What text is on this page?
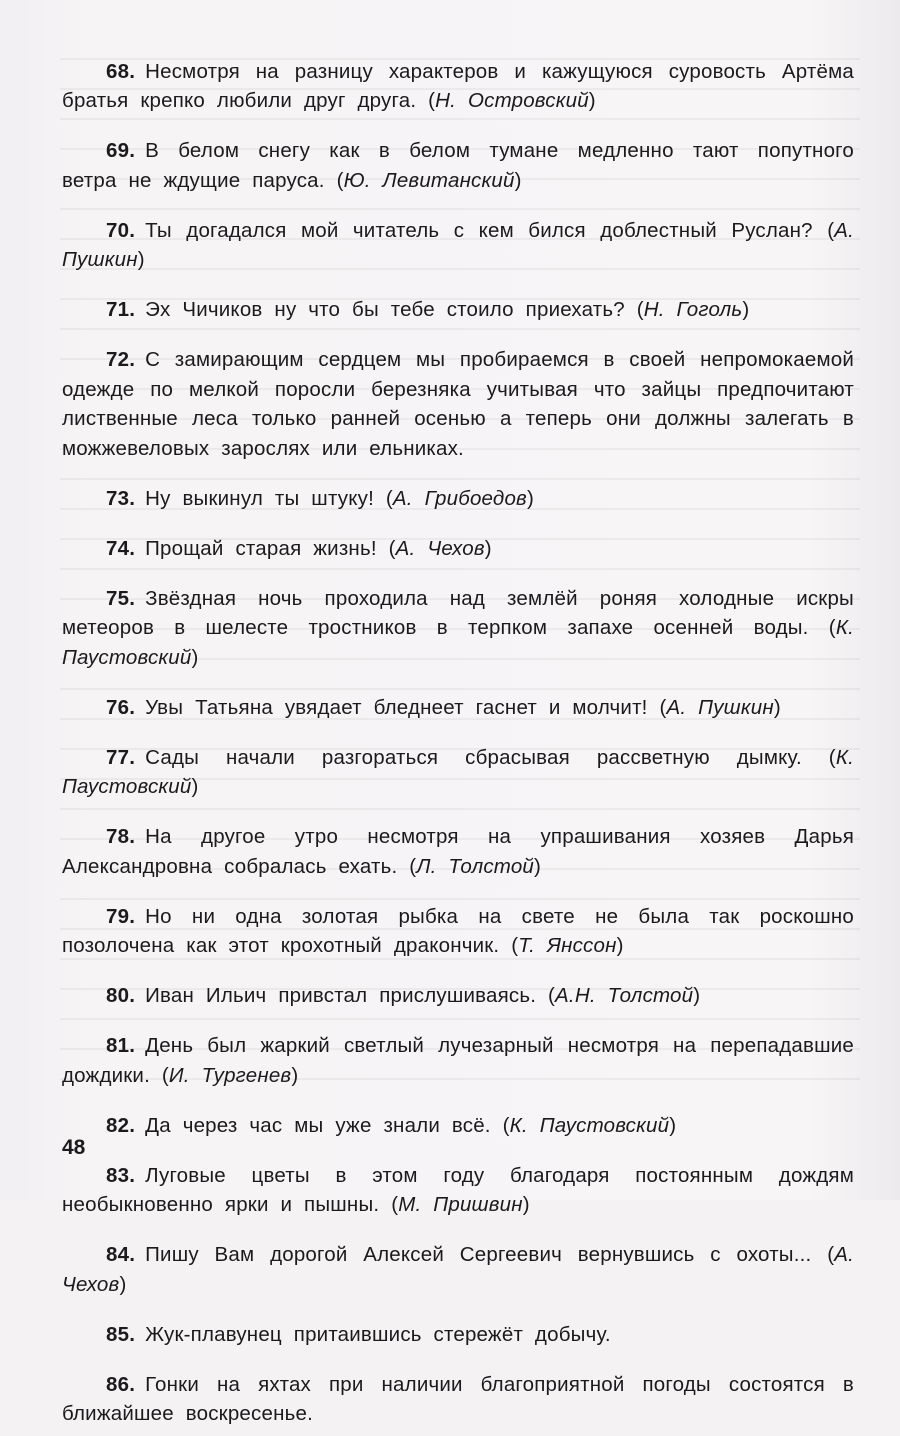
68. Несмотря на разницу характеров и кажущуюся суровость Артёма братья крепко любили друг друга. (Н. Островский)

69. В белом снегу как в белом тумане медленно тают попутного ветра не ждущие паруса. (Ю. Левитанский)

70. Ты догадался мой читатель с кем бился доблестный Руслан? (А. Пушкин)

71. Эх Чичиков ну что бы тебе стоило приехать? (Н. Гоголь)

72. С замирающим сердцем мы пробираемся в своей непромокаемой одежде по мелкой поросли березняка учитывая что зайцы предпочитают лиственные леса только ранней осенью а теперь они должны залегать в можжевеловых зарослях или ельниках.

73. Ну выкинул ты штуку! (А. Грибоедов)

74. Прощай старая жизнь! (А. Чехов)

75. Звёздная ночь проходила над землёй роняя холодные искры метеоров в шелесте тростников в терпком запахе осенней воды. (К. Паустовский)

76. Увы Татьяна увядает бледнеет гаснет и молчит! (А. Пушкин)

77. Сады начали разгораться сбрасывая рассветную дымку. (К. Паустовский)

78. На другое утро несмотря на упрашивания хозяев Дарья Александровна собралась ехать. (Л. Толстой)

79. Но ни одна золотая рыбка на свете не была так роскошно позолочена как этот крохотный дракончик. (Т. Янссон)

80. Иван Ильич привстал прислушиваясь. (А.Н. Толстой)

81. День был жаркий светлый лучезарный несмотря на перепадавшие дождики. (И. Тургенев)

82. Да через час мы уже знали всё. (К. Паустовский)

83. Луговые цветы в этом году благодаря постоянным дождям необыкновенно ярки и пышны. (М. Пришвин)

84. Пишу Вам дорогой Алексей Сергеевич вернувшись с охоты... (А. Чехов)

85. Жук-плавунец притаившись стережёт добычу.

86. Гонки на яхтах при наличии благоприятной погоды состоятся в ближайшее воскресенье.

48
